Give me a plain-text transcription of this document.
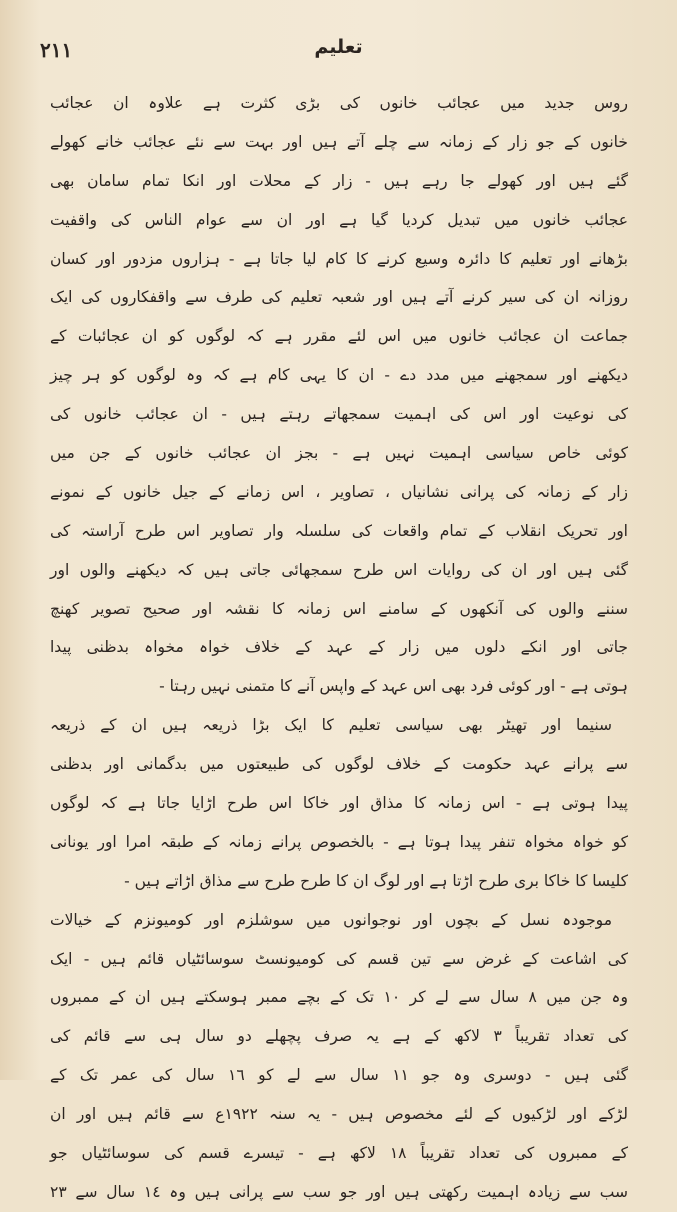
٢١١	تعلیم
روس جدید میں عجائب خانوں کی بڑی کثرت ہے علاوہ ان عجائب
خانوں کے جو زار کے زمانہ سے چلے آتے ہیں اور بہت سے نئے عجائب خانے کھولے
گئے ہیں اور کھولے جا رہے ہیں - زار کے محلات اور انکا تمام سامان بھی
عجائب خانوں میں تبدیل کردیا گیا ہے اور ان سے عوام الناس کی واقفیت
بڑھانے اور تعلیم کا دائرہ وسیع کرنے کا کام لیا جاتا ہے - ہزاروں مزدور اور کسان
روزانہ ان کی سیر کرنے آتے ہیں اور شعبہ تعلیم کی طرف سے واقفکاروں کی ایک
جماعت ان عجائب خانوں میں اس لئے مقرر ہے کہ لوگوں کو ان عجائبات کے
دیکھنے اور سمجھنے میں مدد دے - ان کا یہی کام ہے کہ وہ لوگوں کو ہر چیز
کی نوعیت اور اس کی اہمیت سمجھاتے رہتے ہیں - ان عجائب خانوں کی
کوئی خاص سیاسی اہمیت نہیں ہے - بجز ان عجائب خانوں کے جن میں
زار کے زمانہ کی پرانی نشانیاں ، تصاویر ، اس زمانے کے جیل خانوں کے نمونے
اور تحریک انقلاب کے تمام واقعات کی سلسلہ وار تصاویر اس طرح آراستہ کی
گئی ہیں اور ان کی روایات اس طرح سمجھائی جاتی ہیں کہ دیکھنے والوں اور
سننے والوں کی آنکھوں کے سامنے اس زمانہ کا نقشہ اور صحیح تصویر کھنچ
جاتی اور انکے دلوں میں زار کے عہد کے خلاف خواہ مخواہ بدظنی پیدا
ہوتی ہے - اور کوئی فرد بھی اس عہد کے واپس آنے کا متمنی نہیں رہتا -
سنیما اور تھیٹر بھی سیاسی تعلیم کا ایک بڑا ذریعہ ہیں ان کے ذریعہ
سے پرانے عہد حکومت کے خلاف لوگوں کی طبیعتوں میں بدگمانی اور بدظنی
پیدا ہوتی ہے - اس زمانہ کا مذاق اور خاکا اس طرح اڑایا جاتا ہے کہ لوگوں
کو خواہ مخواہ تنفر پیدا ہوتا ہے - بالخصوص پرانے زمانہ کے طبقہ امرا اور یونانی
کلیسا کا خاکا بری طرح اڑتا ہے اور لوگ ان کا طرح طرح سے مذاق اڑاتے ہیں -
موجودہ نسل کے بچوں اور نوجوانوں میں سوشلزم اور کومیونزم کے خیالات
کی اشاعت کے غرض سے تین قسم کی کومیونسٹ سوسائٹیاں قائم ہیں - ایک
وہ جن میں ٨ سال سے لے کر ١٠ تک کے بچے ممبر ہوسکتے ہیں ان کے ممبروں
کی تعداد تقریباً ٣ لاکھ کے ہے یہ صرف پچھلے دو سال ہی سے قائم کی
گئی ہیں - دوسری وہ جو ١١ سال سے لے کو ١٦ سال کی عمر تک کے
لڑکے اور لڑکیوں کے لئے مخصوص ہیں - یہ سنہ ١٩٢٢ع سے قائم ہیں اور ان
کے ممبروں کی تعداد تقریباً ١٨ لاکھ ہے - تیسرے قسم کی سوسائٹیاں جو
سب سے زیادہ اہمیت رکھتی ہیں اور جو سب سے پرانی ہیں وہ ١٤ سال سے ٢٣
